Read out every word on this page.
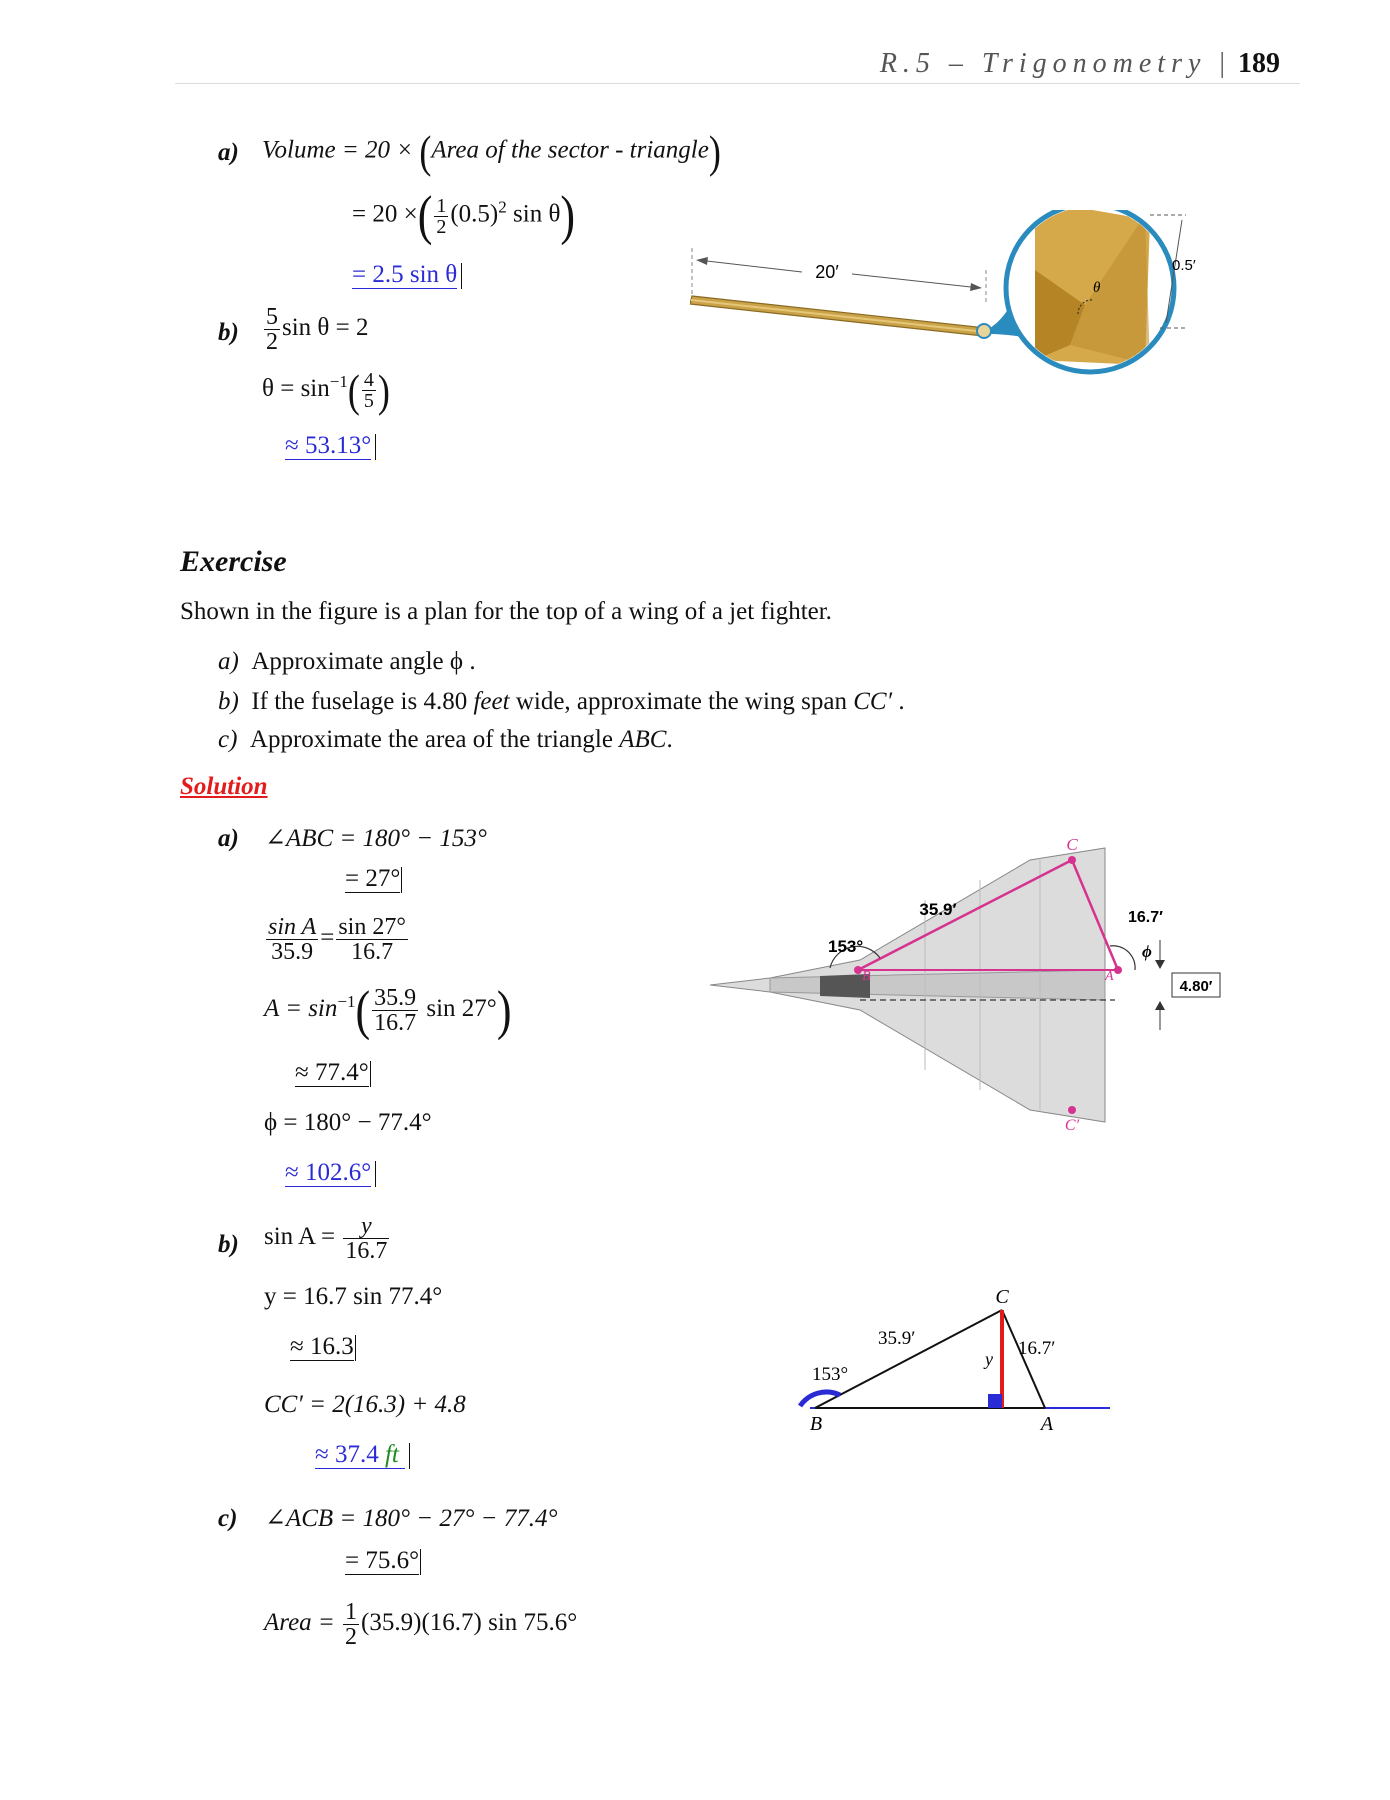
R.5 – Trigonometry | 189
a) Volume = 20 × (Area of the sector - triangle)
= 20 ×( $\frac{1}{2} (0.5)^2$ sin θ)
= 2.5 sin θ
$b) \frac{5}{2}$ sin θ = 2
$\theta = \sin^{-1}( \frac{4}{5}$ )
≈ 53.13°
20′
θ
0.5′
Exercise
Shown in the figure is a plan for the top of a wing of a jet fighter.
a) Approximate angle ϕ .
b) If the fuselage is 4.80 feet wide, approximate the wing span CC′ .
c) Approximate the area of the triangle ABC.
Solution
a) ∠ABC = 180° − 153°
= 27°
$\frac{\text{sin A}}{35.9} = \frac{\sin 27^\circ}{16.7}$
$A = \sin^{-1}( \frac{35.9}{16.7}$ sin 27°)
≈ 77.4°
ϕ = 180° − 77.4°
≈ 102.6°
b) $\sin A = \frac{y}{16.7}$
y = 16.7 sin 77.4°
≈ 16.3
CC′ = 2(16.3) + 4.8
≈ 37.4 ft
c) ∠ACB = 180° − 27° − 77.4°
= 75.6°
Area = $\frac{1}{2} (35.9)(16.7)$ sin 75.6°
C
B	A
C′
35.9′	16.7′
153°	ϕ
4.80′
C
B	A
35.9′	16.7′
153°
y
